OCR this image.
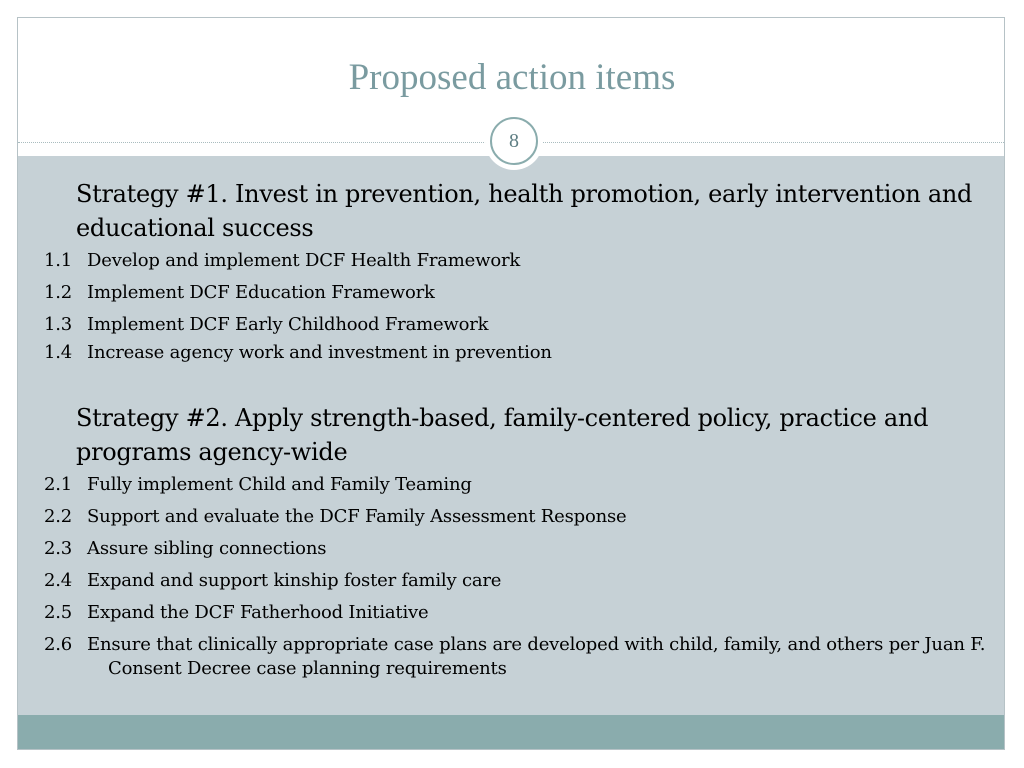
Proposed action items
8

Strategy #1. Invest in prevention, health promotion, early intervention and educational success

Develop and implement DCF Health Framework

Implement DCF Education Framework

Implement DCF Early Childhood Framework

Increase agency work and investment in prevention

Strategy #2. Apply strength-based, family-centered policy, practice and programs agency-wide

Fully implement Child and Family Teaming

Support and evaluate the DCF Family Assessment Response

Assure sibling connections

Expand and support kinship foster family care

Expand the DCF Fatherhood Initiative

Ensure that clinically appropriate case plans are developed with child, family, and others per Juan F. Consent Decree case planning requirements
